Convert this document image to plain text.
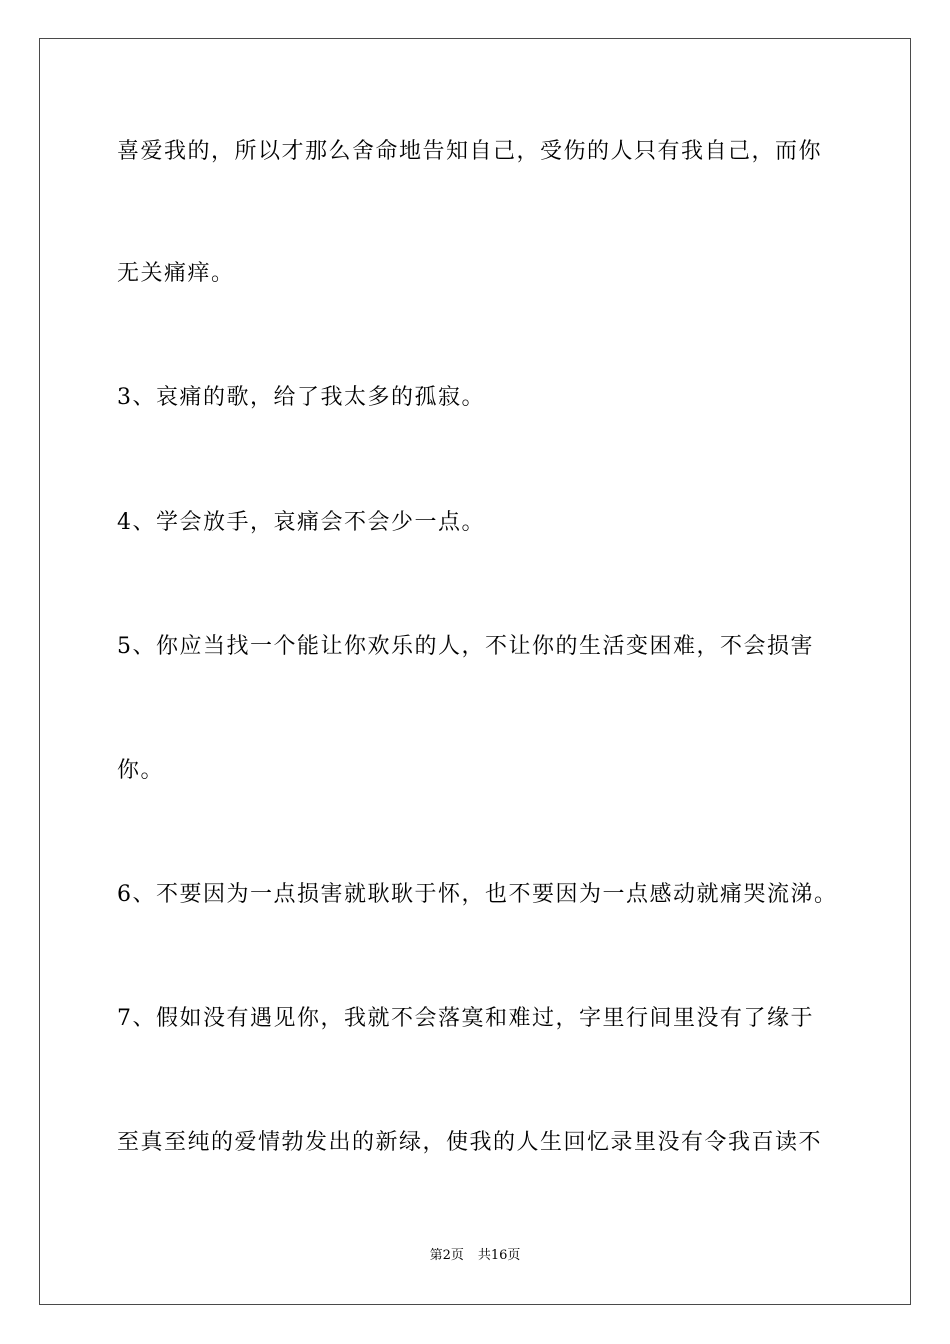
喜爱我的，所以才那么舍命地告知自己，受伤的人只有我自己，而你
无关痛痒。
3、哀痛的歌，给了我太多的孤寂。
4、学会放手，哀痛会不会少一点。
5、你应当找一个能让你欢乐的人，不让你的生活变困难，不会损害
你。
6、不要因为一点损害就耿耿于怀，也不要因为一点感动就痛哭流涕。
7、假如没有遇见你，我就不会落寞和难过，字里行间里没有了缘于
至真至纯的爱情勃发出的新绿，使我的人生回忆录里没有令我百读不
第2页 共16页
